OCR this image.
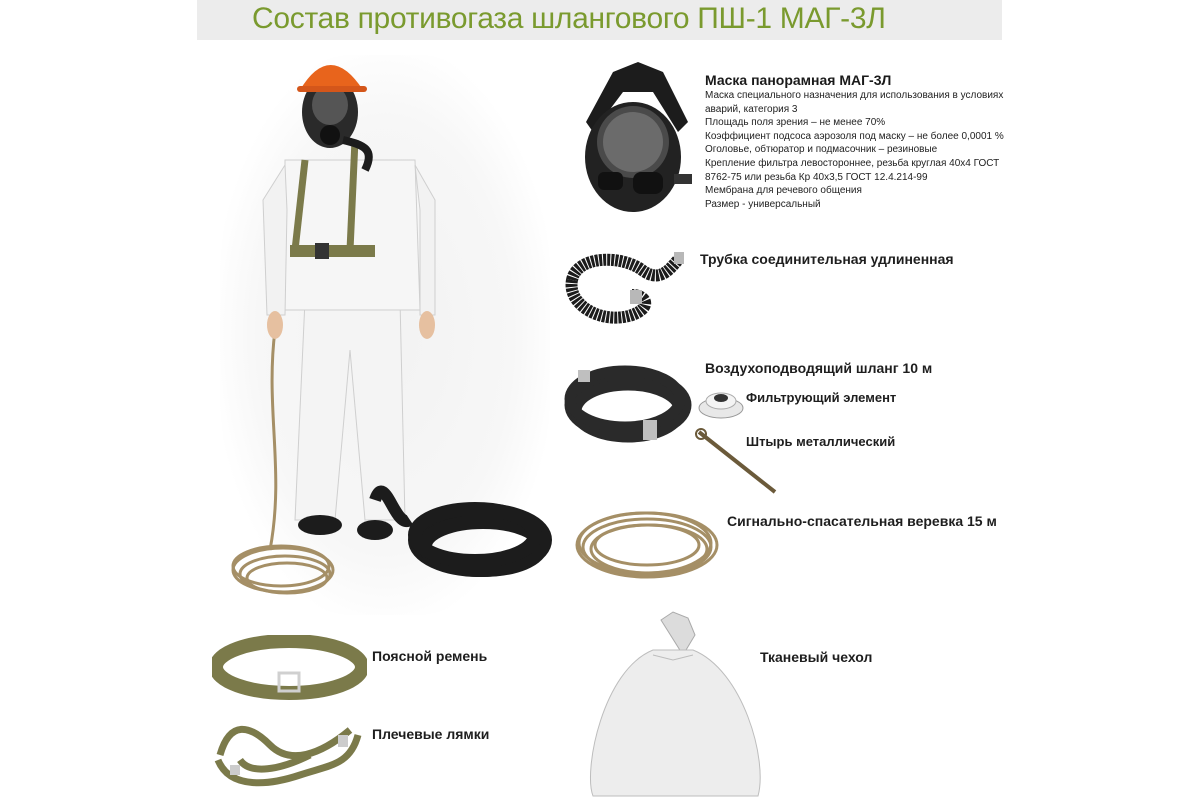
Состав противогаза шлангового ПШ-1 МАГ-3Л
Маска панорамная МАГ-3Л
Маска специального назначения для использования в условиях
аварий, категория 3
Площадь поля зрения – не менее 70%
Коэффициент подсоса аэрозоля под маску – не более 0,0001 %
Оголовье, обтюратор и подмасочник – резиновые
Крепление фильтра левостороннее, резьба круглая 40х4 ГОСТ
8762-75 или резьба Кр 40х3,5 ГОСТ 12.4.214-99
Мембрана для речевого общения
Размер - универсальный
Трубка соединительная удлиненная
Воздухоподводящий шланг 10 м
Фильтрующий элемент
Штырь металлический
Сигнально-спасательная веревка 15 м
Поясной ремень
Плечевые лямки
Тканевый чехол
